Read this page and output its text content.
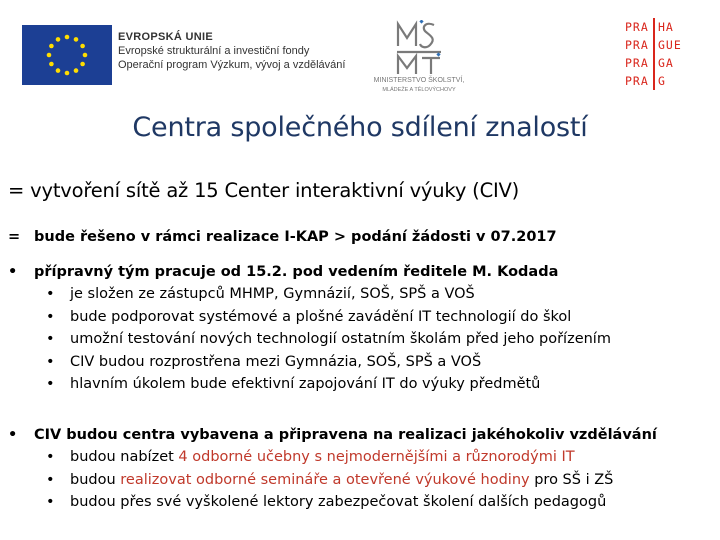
EVROPSKÁ UNIE
Evropské strukturální a investiční fondy
Operační program Výzkum, vývoj a vzdělávání
MINISTERSTVO ŠKOLSTVÍ,
MLÁDEŽE A TĚLOVÝCHOVY
PRA HA
PRA GUE
PRA GA
PRA G
Centra společného sdílení znalostí
= vytvoření sítě až 15 Center interaktivní výuky (CIV)
= bude řešeno v rámci realizace I-KAP > podání žádosti v 07.2017
• přípravný tým pracuje od 15.2. pod vedením ředitele M. Kodada
• je složen ze zástupců MHMP, Gymnázií, SOŠ, SPŠ a VOŠ
• bude podporovat systémové a plošné zavádění IT technologií do škol
• umožní testování nových technologií ostatním školám před jeho pořízením
• CIV budou rozprostřena mezi Gymnázia, SOŠ, SPŠ a VOŠ
• hlavním úkolem bude efektivní zapojování IT do výuky předmětů
• CIV budou centra vybavena a připravena na realizaci jakéhokoliv vzdělávání
• budou nabízet 4 odborné učebny s nejmodernějšími a různorodými IT
• budou realizovat odborné semináře a otevřené výukové hodiny pro SŠ i ZŠ
• budou přes své vyškolené lektory zabezpečovat školení dalších pedagogů
